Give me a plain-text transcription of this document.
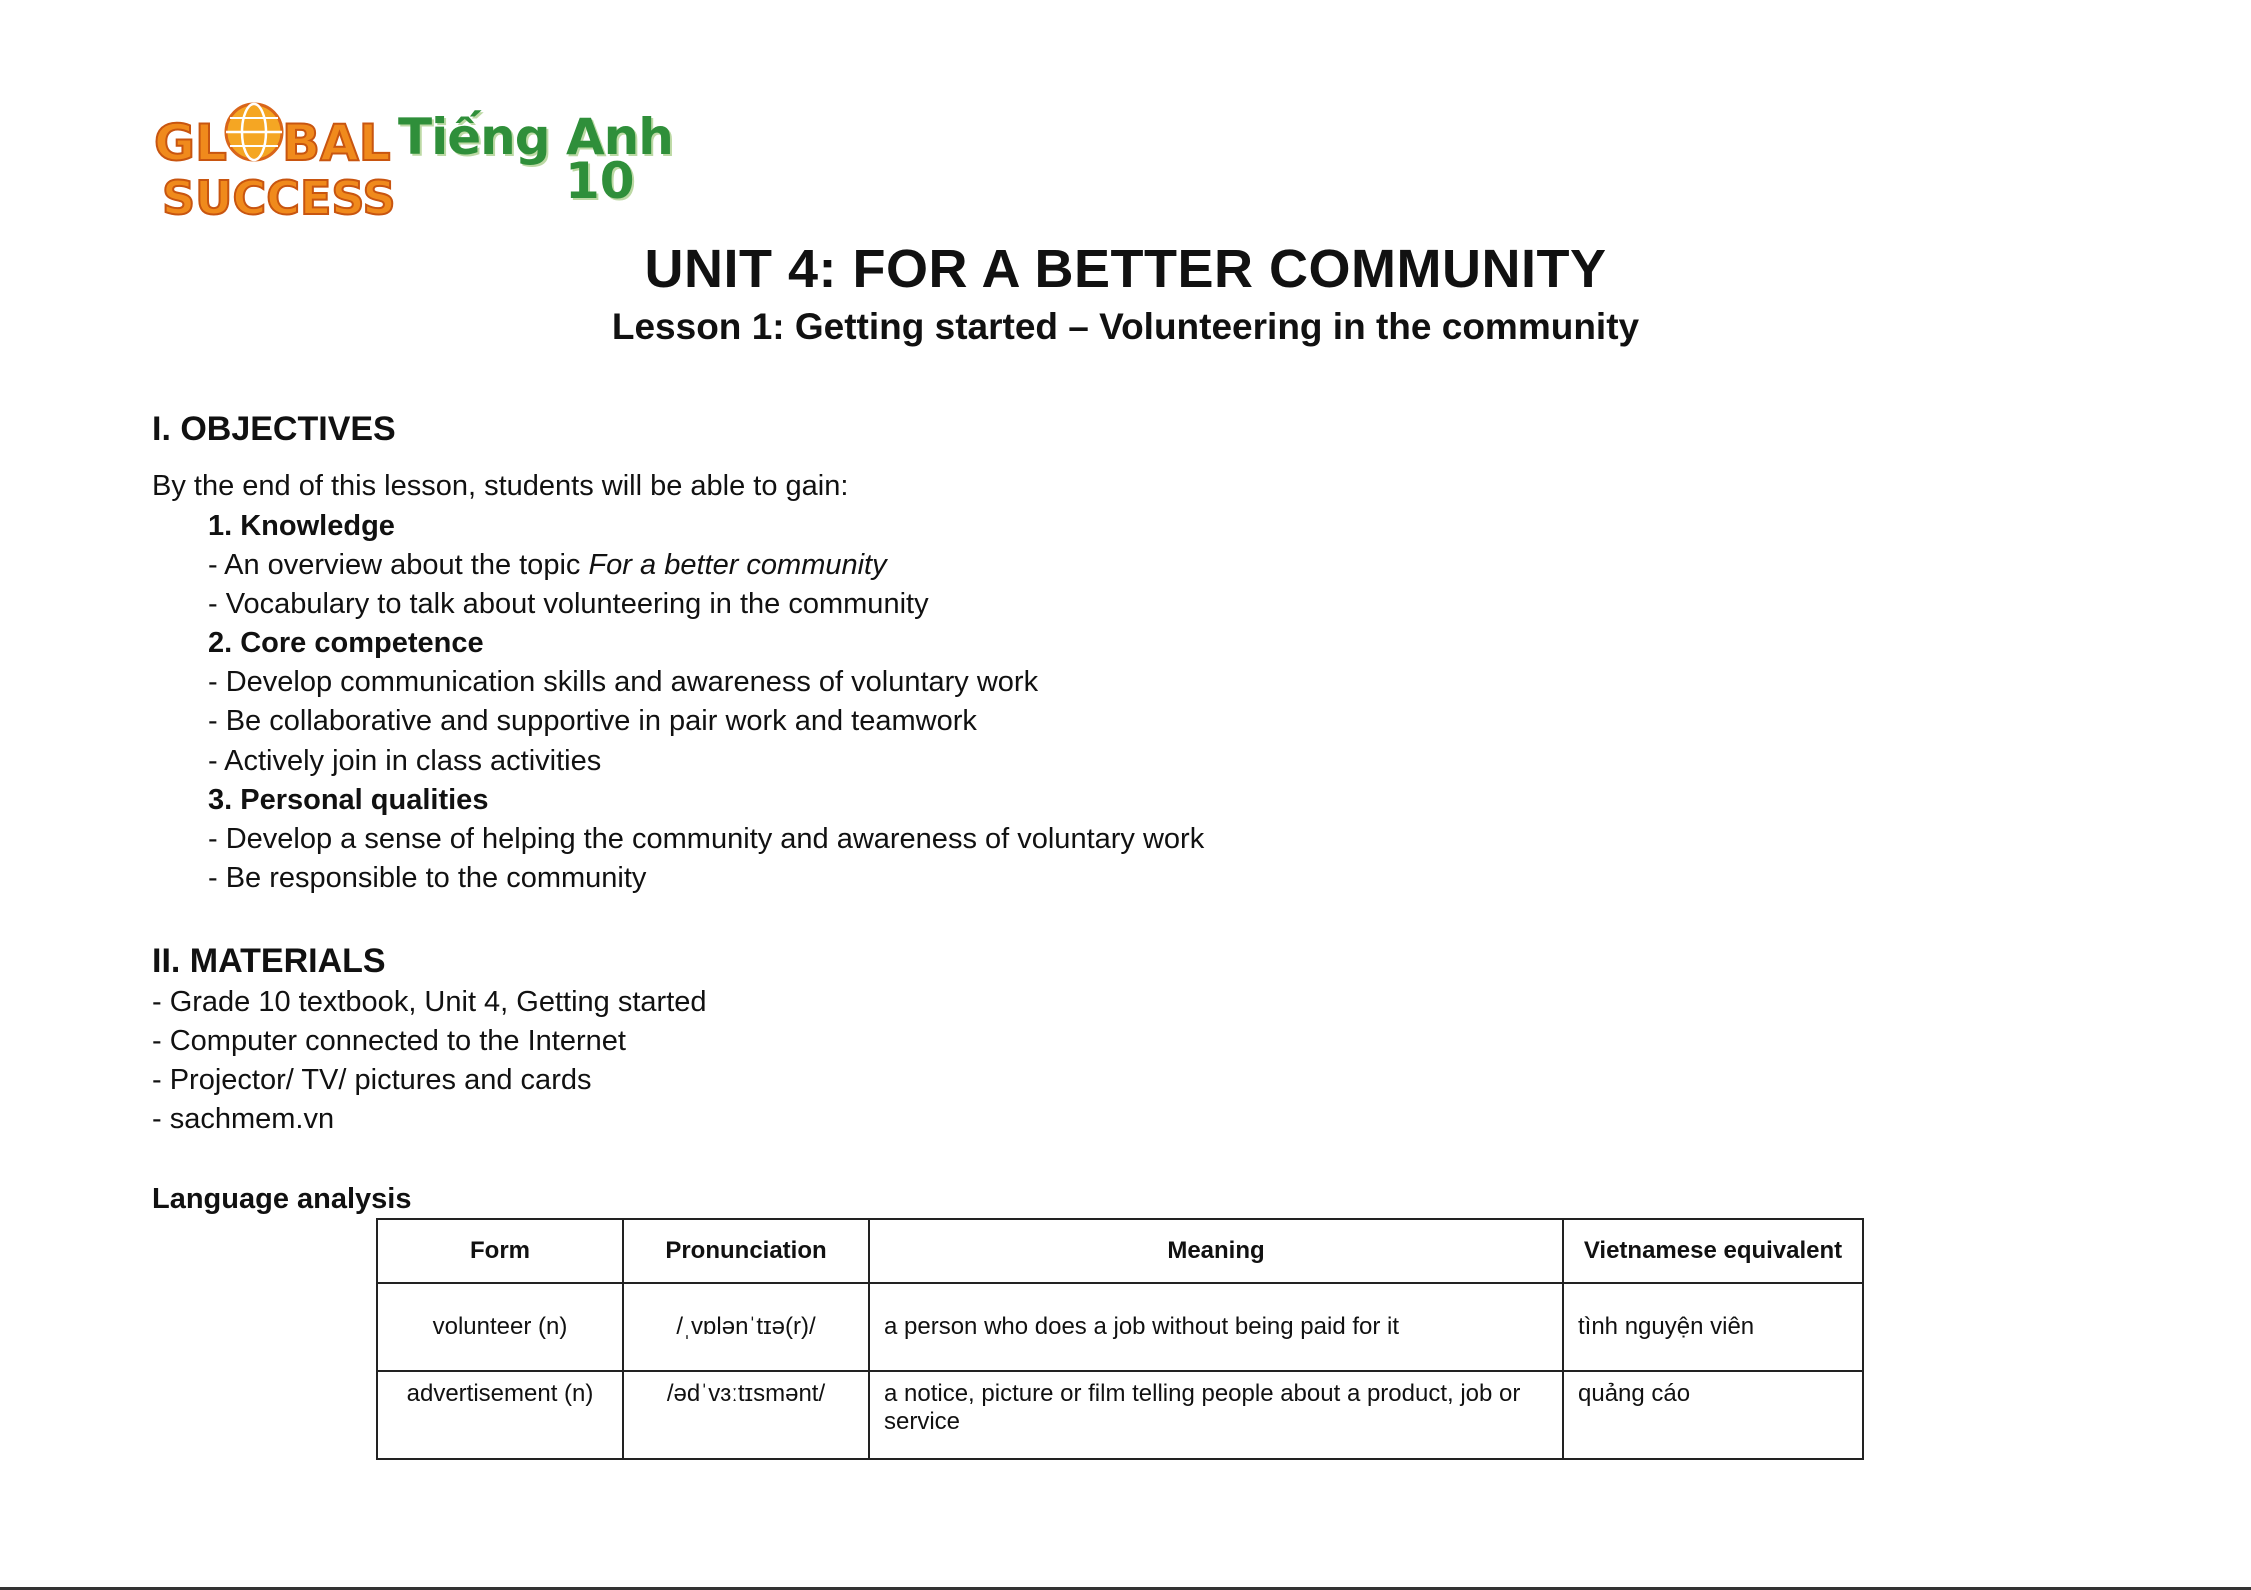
GL BAL
SUCCESS
Tiếng Anh
10
UNIT 4: FOR A BETTER COMMUNITY
Lesson 1: Getting started – Volunteering in the community
I. OBJECTIVES
By the end of this lesson, students will be able to gain:
1. Knowledge
- An overview about the topic For a better community
- Vocabulary to talk about volunteering in the community
2. Core competence
- Develop communication skills and awareness of voluntary work
- Be collaborative and supportive in pair work and teamwork
- Actively join in class activities
3. Personal qualities
- Develop a sense of helping the community and awareness of voluntary work
- Be responsible to the community
II. MATERIALS
- Grade 10 textbook, Unit 4, Getting started
- Computer connected to the Internet
- Projector/ TV/ pictures and cards
- sachmem.vn
Language analysis
Form	Pronunciation	Meaning	Vietnamese equivalent
volunteer (n)	/ˌvɒlənˈtɪə(r)/	a person who does a job without being paid for it	tình nguyện viên
advertisement (n)	/ədˈvɜːtɪsmənt/	a notice, picture or film telling people about a product, job or service	quảng cáo
